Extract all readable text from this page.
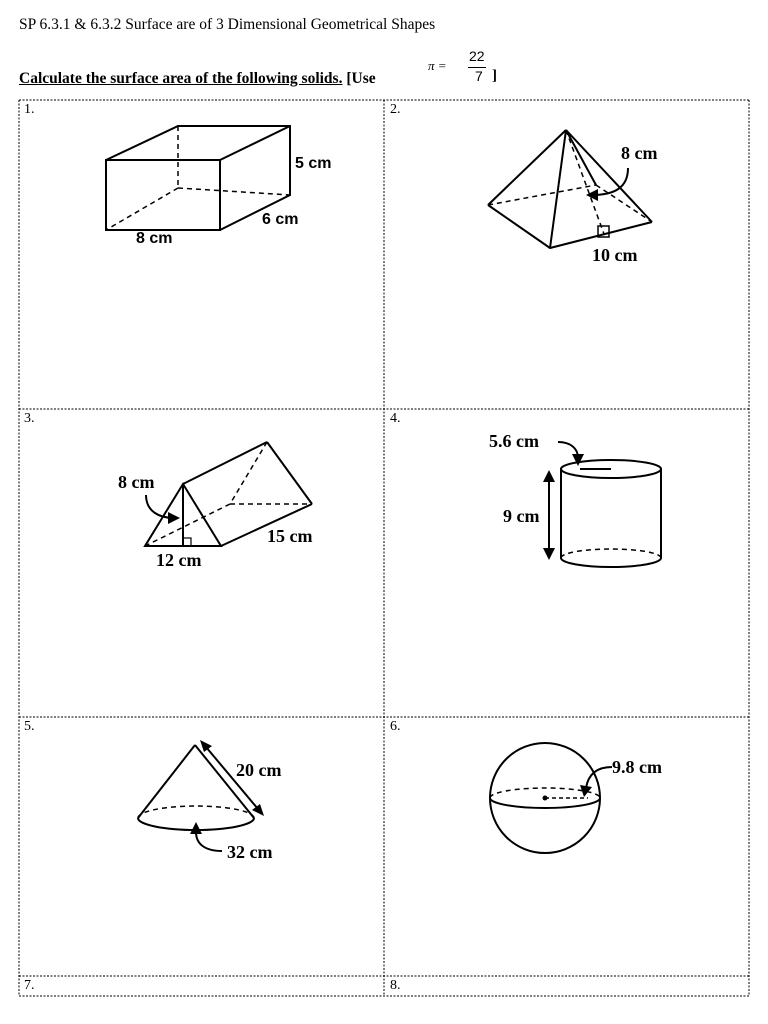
SP 6.3.1 & 6.3.2 Surface are of 3 Dimensional Geometrical Shapes
Calculate the surface area of the following solids. [Use
π =
22
7 ]
1.	2.
3.	4.
5.	6.
7.	8.
5 cm
6 cm
8 cm
8 cm
10 cm
8 cm
15 cm
12 cm
5.6 cm
9 cm
20 cm
32 cm
9.8 cm
